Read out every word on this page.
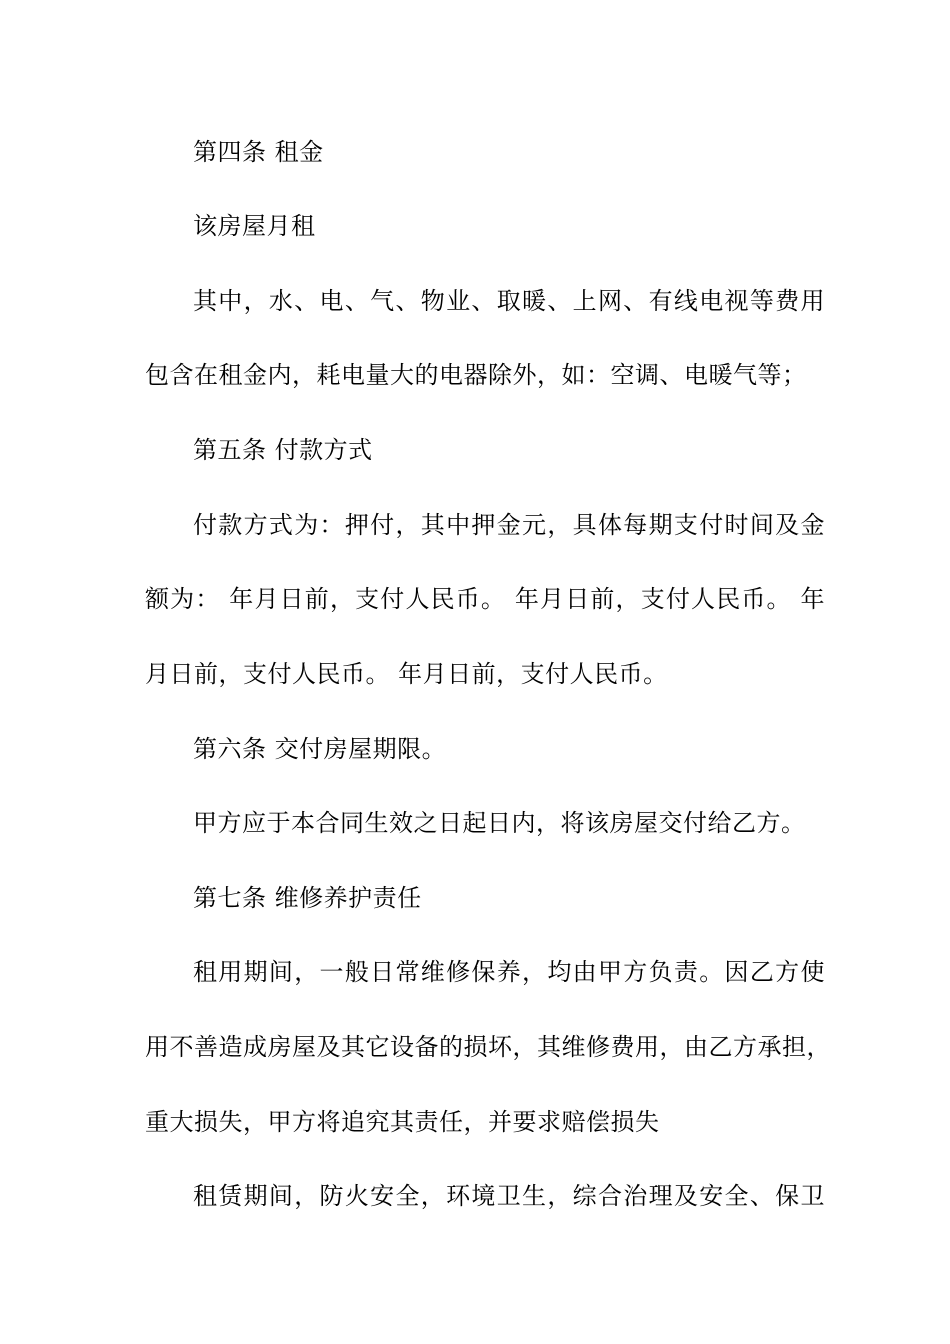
第四条 租金
该房屋月租
其中，水、电、气、物业、取暖、上网、有线电视等费用
包含在租金内，耗电量大的电器除外，如：空调、电暖气等；
第五条 付款方式
付款方式为：押付，其中押金元，具体每期支付时间及金
额为： 年月日前，支付人民币。 年月日前，支付人民币。 年
月日前，支付人民币。 年月日前，支付人民币。
第六条 交付房屋期限。
甲方应于本合同生效之日起日内，将该房屋交付给乙方。
第七条 维修养护责任
租用期间，一般日常维修保养，均由甲方负责。因乙方使
用不善造成房屋及其它设备的损坏，其维修费用，由乙方承担，
重大损失，甲方将追究其责任，并要求赔偿损失
租赁期间，防火安全，环境卫生，综合治理及安全、保卫
